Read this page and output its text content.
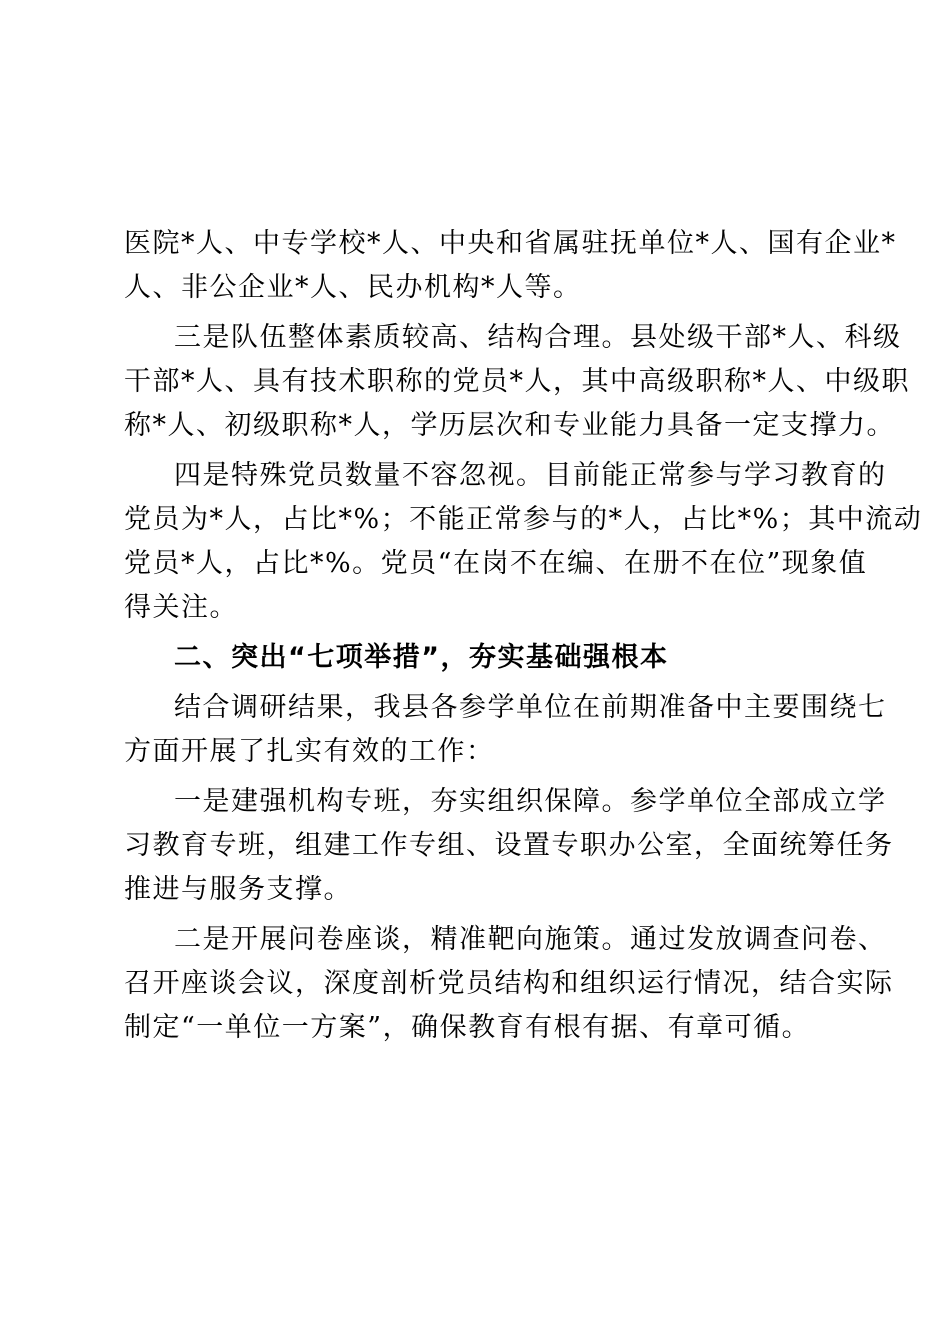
医院*人、中专学校*人、中央和省属驻抚单位*人、国有企业*
人、非公企业*人、民办机构*人等。
三是队伍整体素质较高、结构合理。县处级干部*人、科级
干部*人、具有技术职称的党员*人，其中高级职称*人、中级职
称*人、初级职称*人，学历层次和专业能力具备一定支撑力。
四是特殊党员数量不容忽视。目前能正常参与学习教育的
党员为*人，占比*%；不能正常参与的*人，占比*%；其中流动
党员*人，占比*%。党员“在岗不在编、在册不在位”现象值
得关注。
二、突出“七项举措”，夯实基础强根本
结合调研结果，我县各参学单位在前期准备中主要围绕七
方面开展了扎实有效的工作：
一是建强机构专班，夯实组织保障。参学单位全部成立学
习教育专班，组建工作专组、设置专职办公室，全面统筹任务
推进与服务支撑。
二是开展问卷座谈，精准靶向施策。通过发放调查问卷、
召开座谈会议，深度剖析党员结构和组织运行情况，结合实际
制定“一单位一方案”，确保教育有根有据、有章可循。
